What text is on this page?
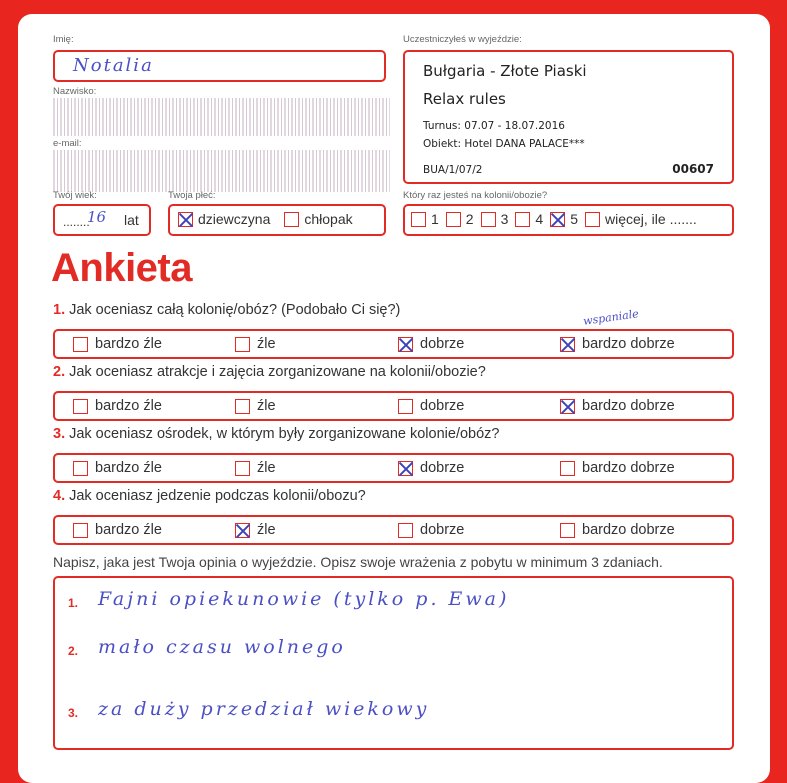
Imię:
Notalia
Nazwisko:
e-mail:
Uczestniczyłeś w wyjeździe:
Bułgaria - Złote Piaski
Relax rules
Turnus: 07.07 - 18.07.2016
Obiekt: Hotel DANA PALACE***
BUA/1/07/2	00607
Twój wiek:
........
16 lat
Twoja płeć:
dziewczyna chłopak
Który raz jesteś na kolonii/obozie?
1 2 3 4 5 więcej, ile .......
Ankieta
1. Jak oceniasz całą kolonię/obóz? (Podobało Ci się?)
bardzo źle	źle	dobrze	bardzo dobrze
wspaniale
2. Jak oceniasz atrakcje i zajęcia zorganizowane na kolonii/obozie?
bardzo źle	źle	dobrze	bardzo dobrze
3. Jak oceniasz ośrodek, w którym były zorganizowane kolonie/obóz?
bardzo źle	źle	dobrze	bardzo dobrze
4. Jak oceniasz jedzenie podczas kolonii/obozu?
bardzo źle	źle	dobrze	bardzo dobrze
Napisz, jaka jest Twoja opinia o wyjeździe. Opisz swoje wrażenia z pobytu w minimum 3 zdaniach.
1. Fajni opiekunowie (tylko p. Ewa)
2. mało czasu wolnego
3. za duży przedział wiekowy
